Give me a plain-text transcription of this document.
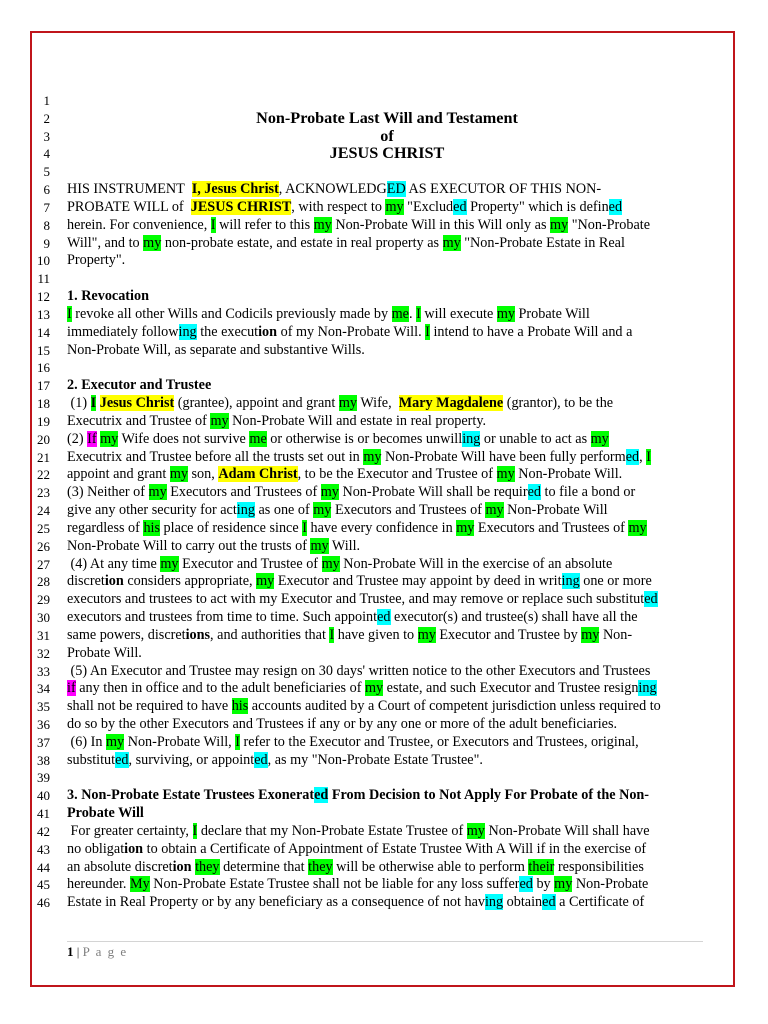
1
2
3
4
5
6
7
8
9
10
11
12
13
14
15
16
17
18
19
20
21
22
23
24
25
26
27
28
29
30
31
32
33
34
35
36
37
38
39
40
41
42
43
44
45
46
Non-Probate Last Will and Testament
of
JESUS CHRIST
HIS INSTRUMENT  I, Jesus Christ, ACKNOWLEDGED AS EXECUTOR OF THIS NON-
PROBATE WILL of  JESUS CHRIST, with respect to my "Excluded Property" which is defined
herein. For convenience, I will refer to this my Non-Probate Will in this Will only as my "Non-Probate
Will", and to my non-probate estate, and estate in real property as my "Non-Probate Estate in Real
Property".
1. Revocation
I revoke all other Wills and Codicils previously made by me. I will execute my Probate Will
immediately following the execution of my Non-Probate Will. I intend to have a Probate Will and a
Non-Probate Will, as separate and substantive Wills.
2. Executor and Trustee
(1) I Jesus Christ (grantee), appoint and grant my Wife,  Mary Magdalene (grantor), to be the
Executrix and Trustee of my Non-Probate Will and estate in real property.
(2) If my Wife does not survive me or otherwise is or becomes unwilling or unable to act as my
Executrix and Trustee before all the trusts set out in my Non-Probate Will have been fully performed, I
appoint and grant my son, Adam Christ, to be the Executor and Trustee of my Non-Probate Will.
(3) Neither of my Executors and Trustees of my Non-Probate Will shall be required to file a bond or
give any other security for acting as one of my Executors and Trustees of my Non-Probate Will
regardless of his place of residence since I have every confidence in my Executors and Trustees of my
Non-Probate Will to carry out the trusts of my Will.
(4) At any time my Executor and Trustee of my Non-Probate Will in the exercise of an absolute
discretion considers appropriate, my Executor and Trustee may appoint by deed in writing one or more
executors and trustees to act with my Executor and Trustee, and may remove or replace such substituted
executors and trustees from time to time. Such appointed executor(s) and trustee(s) shall have all the
same powers, discretions, and authorities that I have given to my Executor and Trustee by my Non-
Probate Will.
(5) An Executor and Trustee may resign on 30 days' written notice to the other Executors and Trustees
if any then in office and to the adult beneficiaries of my estate, and such Executor and Trustee resigning
shall not be required to have his accounts audited by a Court of competent jurisdiction unless required to
do so by the other Executors and Trustees if any or by any one or more of the adult beneficiaries.
(6) In my Non-Probate Will, I refer to the Executor and Trustee, or Executors and Trustees, original,
substituted, surviving, or appointed, as my "Non-Probate Estate Trustee".
3. Non-Probate Estate Trustees Exonerated From Decision to Not Apply For Probate of the Non-
Probate Will
For greater certainty, I declare that my Non-Probate Estate Trustee of my Non-Probate Will shall have
no obligation to obtain a Certificate of Appointment of Estate Trustee With A Will if in the exercise of
an absolute discretion they determine that they will be otherwise able to perform their responsibilities
hereunder. My Non-Probate Estate Trustee shall not be liable for any loss suffered by my Non-Probate
Estate in Real Property or by any beneficiary as a consequence of not having obtained a Certificate of
1 | P a g e
